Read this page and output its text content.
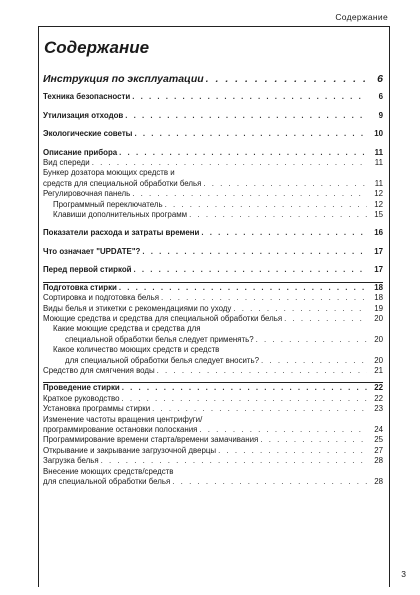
Содержание
Содержание
Инструкция по эксплуатации . . .	6
Техника безопасности . . .	6
Утилизация отходов . . .	9
Экологические советы . . .	10
Описание прибора . . .	11
Вид спереди . . .	11
Бункер дозатора моющих средств и
средств для специальной обработки белья . . .	11
Регулировочная панель . . .	12
Программный переключатель . . .	12
Клавиши дополнительных программ . . .	15
Показатели расхода и затраты времени . . .	16
Что означает "UPDATE"? . . .	17
Перед первой стиркой . . .	17
Подготовка стирки . . .	18
Сортировка и подготовка белья . . .	18
Виды белья и этикетки с рекомендациями по уходу . . .	19
Моющие средства и средства для специальной обработки белья . . .	20
Какие моющие средства и средства для
специальной обработки белья следует применять? . . .	20
Какое количество моющих средств и средств
для специальной обработки белья следует вносить? . . .	20
Средство для смягчения воды . . .	21
Проведение стирки . . .	22
Краткое руководство . . .	22
Установка программы стирки . . .	23
Изменение частоты вращения центрифуги/
программирование остановки полоскания . . .	24
Программирование времени старта/времени замачивания . . .	25
Открывание и закрывание загрузочной дверцы . . .	27
Загрузка белья . . .	28
Внесение моющих средств/средств
для специальной обработки белья . . .	28
3
